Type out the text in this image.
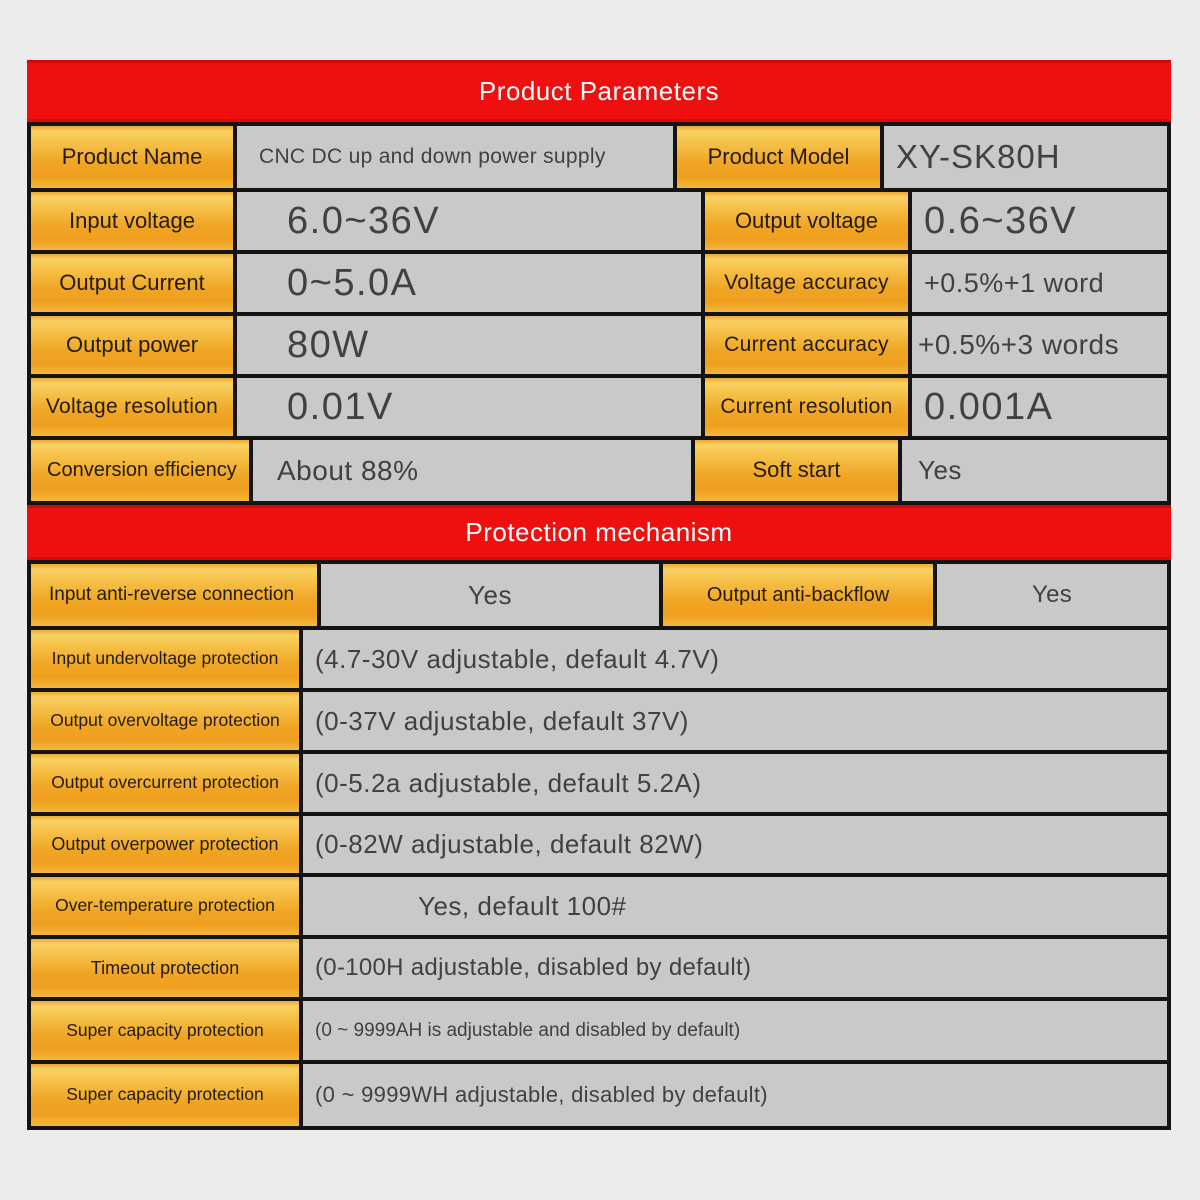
Product Parameters
Product Name	CNC DC up and down power supply	Product Model	XY-SK80H
Input voltage	6.0~36V	Output voltage	0.6~36V
Output Current	0~5.0A	Voltage accuracy	+0.5%+1 word
Output power	80W	Current accuracy	+0.5%+3 words
Voltage resolution	0.01V	Current resolution 0.001A
Conversion efficiency	About 88%	Soft start	Yes
Protection mechanism
Input anti-reverse connection	Yes	Output anti-backflow	Yes
Input undervoltage protection	(4.7-30V adjustable, default 4.7V)
Output overvoltage protection	(0-37V adjustable, default 37V)
Output overcurrent protection	(0-5.2a adjustable, default 5.2A)
Output overpower protection	(0-82W adjustable, default 82W)
Over-temperature protection	Yes, default 100#
Timeout protection	(0-100H adjustable, disabled by default)
Super capacity protection	(0 ~ 9999AH is adjustable and disabled by default)
Super capacity protection	(0 ~ 9999WH adjustable, disabled by default)
